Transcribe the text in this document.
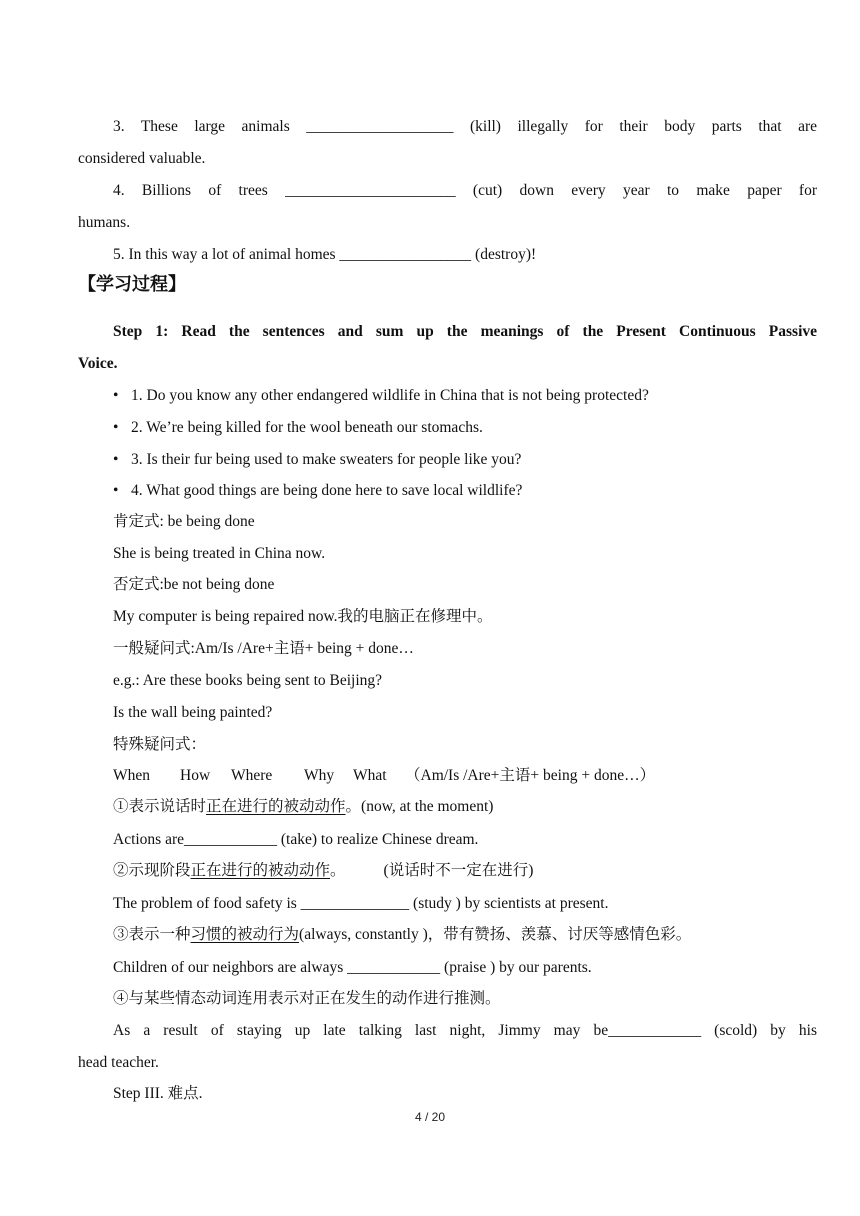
3. These large animals ___________________ (kill) illegally for their body parts that are
considered valuable.
4. Billions of trees ______________________ (cut) down every year to make paper for
humans.
5. In this way a lot of animal homes _________________ (destroy)!
【学习过程】
Step 1: Read the sentences and sum up the meanings of the Present Continuous Passive
Voice.
• 1. Do you know any other endangered wildlife in China that is not being protected?
• 2. We’re being killed for the wool beneath our stomachs.
• 3. Is their fur being used to make sweaters for people like you?
• 4. What good things are being done here to save local wildlife?
肯定式: be being done
She is being treated in China now.
否定式:be not being done
My computer is being repaired now.我的电脑正在修理中。
一般疑问式:Am/Is /Are+主语+ being + done…
e.g.: Are these books being sent to Beijing?
Is the wall being painted?
特殊疑问式：
When How Where Why What （Am/Is /Are+主语+ being + done…）
①表示说话时正在进行的被动动作。(now, at the moment)
Actions are____________ (take) to realize Chinese dream.
②示现阶段正在进行的被动动作。 (说话时不一定在进行)
The problem of food safety is ______________ (study ) by scientists at present.
③表示一种习惯的被动行为(always, constantly )，带有赞扬、羡慕、讨厌等感情色彩。
Children of our neighbors are always ____________ (praise ) by our parents.
④与某些情态动词连用表示对正在发生的动作进行推测。
As a result of staying up late talking last night, Jimmy may be____________ (scold) by his
head teacher.
Step III. 难点.
4 / 20
